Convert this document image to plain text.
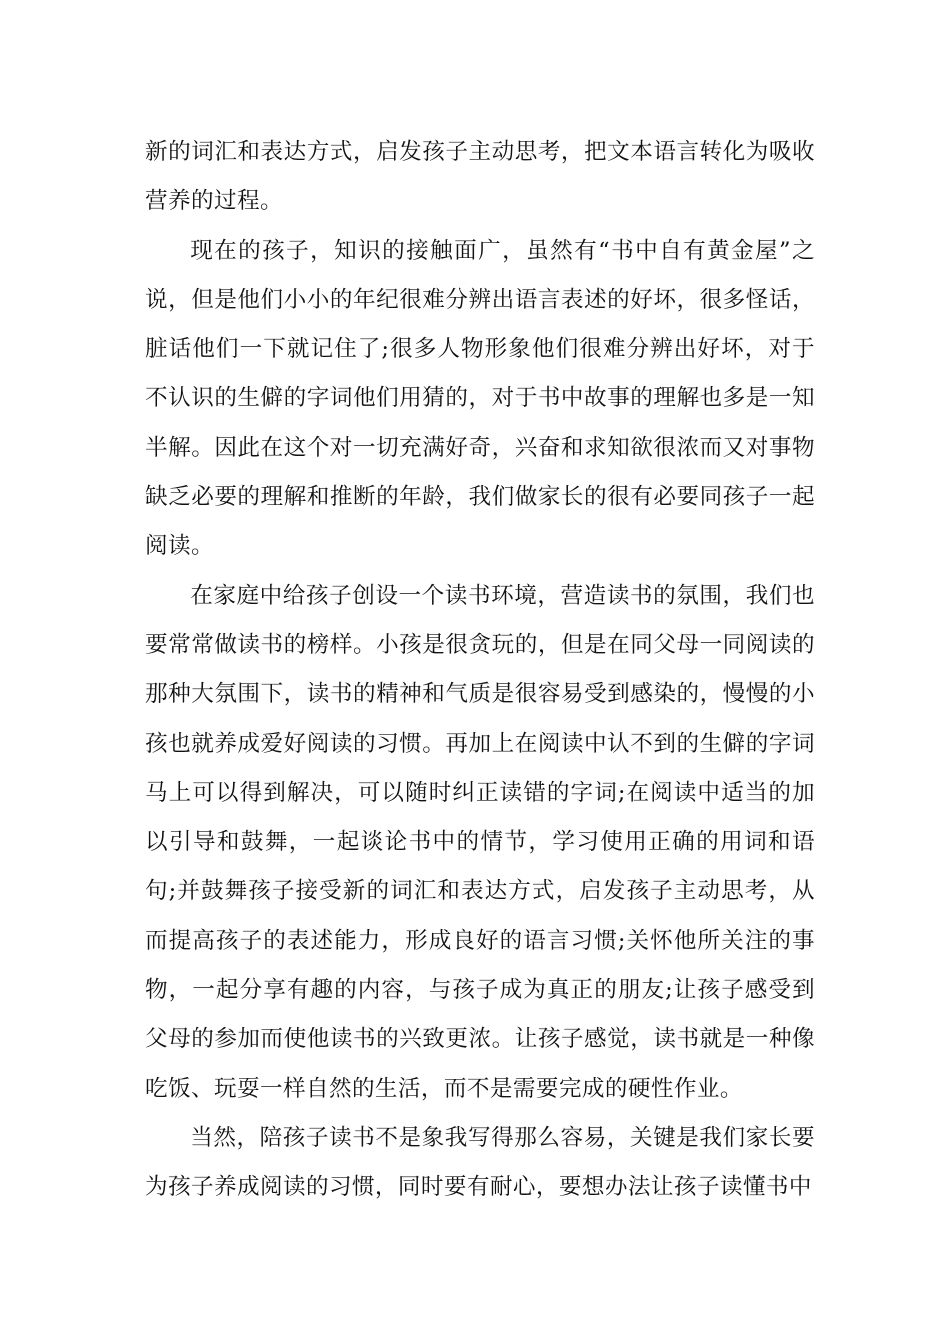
新的词汇和表达方式，启发孩子主动思考，把文本语言转化为吸收营养的过程。

现在的孩子，知识的接触面广，虽然有“书中自有黄金屋”之说，但是他们小小的年纪很难分辨出语言表述的好坏，很多怪话，脏话他们一下就记住了;很多人物形象他们很难分辨出好坏，对于不认识的生僻的字词他们用猜的，对于书中故事的理解也多是一知半解。因此在这个对一切充满好奇，兴奋和求知欲很浓而又对事物缺乏必要的理解和推断的年龄，我们做家长的很有必要同孩子一起阅读。

在家庭中给孩子创设一个读书环境，营造读书的氛围，我们也要常常做读书的榜样。小孩是很贪玩的，但是在同父母一同阅读的那种大氛围下，读书的精神和气质是很容易受到感染的，慢慢的小孩也就养成爱好阅读的习惯。再加上在阅读中认不到的生僻的字词马上可以得到解决，可以随时纠正读错的字词;在阅读中适当的加以引导和鼓舞，一起谈论书中的情节，学习使用正确的用词和语句;并鼓舞孩子接受新的词汇和表达方式，启发孩子主动思考，从而提高孩子的表述能力，形成良好的语言习惯;关怀他所关注的事物，一起分享有趣的内容，与孩子成为真正的朋友;让孩子感受到父母的参加而使他读书的兴致更浓。让孩子感觉，读书就是一种像吃饭、玩耍一样自然的生活，而不是需要完成的硬性作业。

当然，陪孩子读书不是象我写得那么容易，关键是我们家长要为孩子养成阅读的习惯，同时要有耐心，要想办法让孩子读懂书中
